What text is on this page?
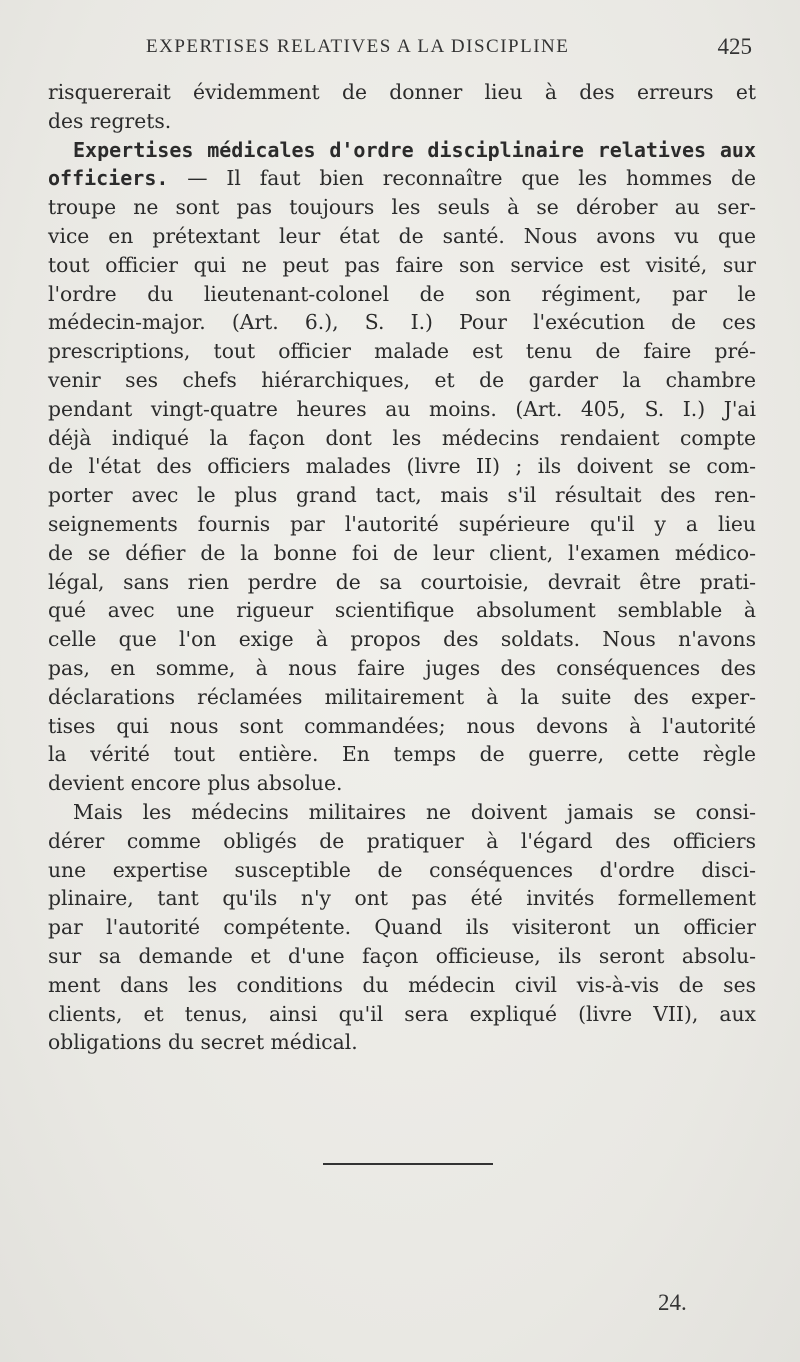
EXPERTISES RELATIVES A LA DISCIPLINE	425

risquererait évidemment de donner lieu à des erreurs et
des regrets.

Expertises médicales d'ordre disciplinaire relatives aux
officiers. — Il faut bien reconnaître que les hommes de
troupe ne sont pas toujours les seuls à se dérober au ser-
vice en prétextant leur état de santé. Nous avons vu que
tout officier qui ne peut pas faire son service est visité, sur
l'ordre du lieutenant-colonel de son régiment, par le
médecin-major. (Art. 6.), S. I.) Pour l'exécution de ces
prescriptions, tout officier malade est tenu de faire pré-
venir ses chefs hiérarchiques, et de garder la chambre
pendant vingt-quatre heures au moins. (Art. 405, S. I.) J'ai
déjà indiqué la façon dont les médecins rendaient compte
de l'état des officiers malades (livre II) ; ils doivent se com-
porter avec le plus grand tact, mais s'il résultait des ren-
seignements fournis par l'autorité supérieure qu'il y a lieu
de se défier de la bonne foi de leur client, l'examen médico-
légal, sans rien perdre de sa courtoisie, devrait être prati-
qué avec une rigueur scientifique absolument semblable à
celle que l'on exige à propos des soldats. Nous n'avons
pas, en somme, à nous faire juges des conséquences des
déclarations réclamées militairement à la suite des exper-
tises qui nous sont commandées; nous devons à l'autorité
la vérité tout entière. En temps de guerre, cette règle
devient encore plus absolue.

Mais les médecins militaires ne doivent jamais se consi-
dérer comme obligés de pratiquer à l'égard des officiers
une expertise susceptible de conséquences d'ordre disci-
plinaire, tant qu'ils n'y ont pas été invités formellement
par l'autorité compétente. Quand ils visiteront un officier
sur sa demande et d'une façon officieuse, ils seront absolu-
ment dans les conditions du médecin civil vis-à-vis de ses
clients, et tenus, ainsi qu'il sera expliqué (livre VII), aux
obligations du secret médical.

24.
